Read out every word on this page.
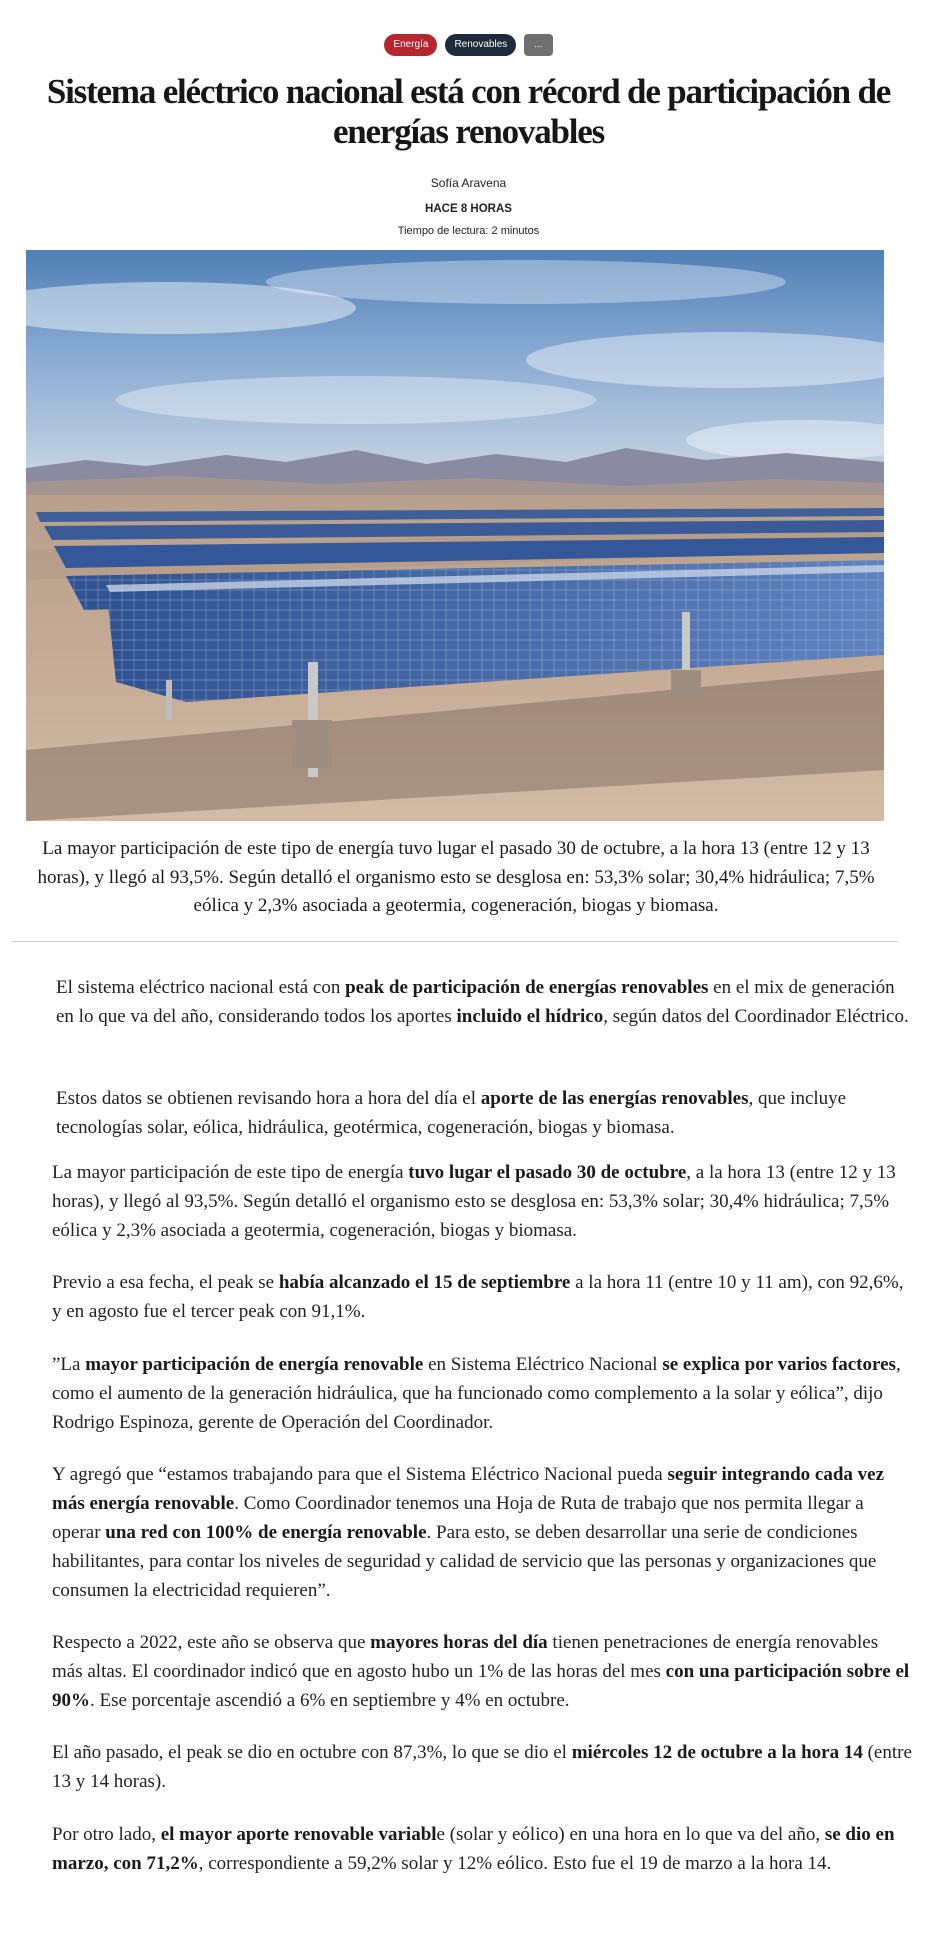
Energía	Renovables	...
Sistema eléctrico nacional está con récord de participación de energías renovables
Sofía Aravena
HACE 8 HORAS
Tiempo de lectura: 2 minutos

La mayor participación de este tipo de energía tuvo lugar el pasado 30 de octubre, a la hora 13 (entre 12 y 13 horas), y llegó al 93,5%. Según detalló el organismo esto se desglosa en: 53,3% solar; 30,4% hidráulica; 7,5% eólica y 2,3% asociada a geotermia, cogeneración, biogas y biomasa.

El sistema eléctrico nacional está con peak de participación de energías renovables en el mix de generación en lo que va del año, considerando todos los aportes incluido el hídrico, según datos del Coordinador Eléctrico.

Estos datos se obtienen revisando hora a hora del día el aporte de las energías renovables, que incluye tecnologías solar, eólica, hidráulica, geotérmica, cogeneración, biogas y biomasa.

La mayor participación de este tipo de energía tuvo lugar el pasado 30 de octubre, a la hora 13 (entre 12 y 13 horas), y llegó al 93,5%. Según detalló el organismo esto se desglosa en: 53,3% solar; 30,4% hidráulica; 7,5% eólica y 2,3% asociada a geotermia, cogeneración, biogas y biomasa.

Previo a esa fecha, el peak se había alcanzado el 15 de septiembre a la hora 11 (entre 10 y 11 am), con 92,6%, y en agosto fue el tercer peak con 91,1%.

”La mayor participación de energía renovable en Sistema Eléctrico Nacional se explica por varios factores, como el aumento de la generación hidráulica, que ha funcionado como complemento a la solar y eólica”, dijo Rodrigo Espinoza, gerente de Operación del Coordinador.

Y agregó que “estamos trabajando para que el Sistema Eléctrico Nacional pueda seguir integrando cada vez más energía renovable. Como Coordinador tenemos una Hoja de Ruta de trabajo que nos permita llegar a operar una red con 100% de energía renovable. Para esto, se deben desarrollar una serie de condiciones habilitantes, para contar los niveles de seguridad y calidad de servicio que las personas y organizaciones que consumen la electricidad requieren”.

Respecto a 2022, este año se observa que mayores horas del día tienen penetraciones de energía renovables más altas. El coordinador indicó que en agosto hubo un 1% de las horas del mes con una participación sobre el 90%. Ese porcentaje ascendió a 6% en septiembre y 4% en octubre.

El año pasado, el peak se dio en octubre con 87,3%, lo que se dio el miércoles 12 de octubre a la hora 14 (entre 13 y 14 horas).

Por otro lado, el mayor aporte renovable variable (solar y eólico) en una hora en lo que va del año, se dio en marzo, con 71,2%, correspondiente a 59,2% solar y 12% eólico. Esto fue el 19 de marzo a la hora 14.
